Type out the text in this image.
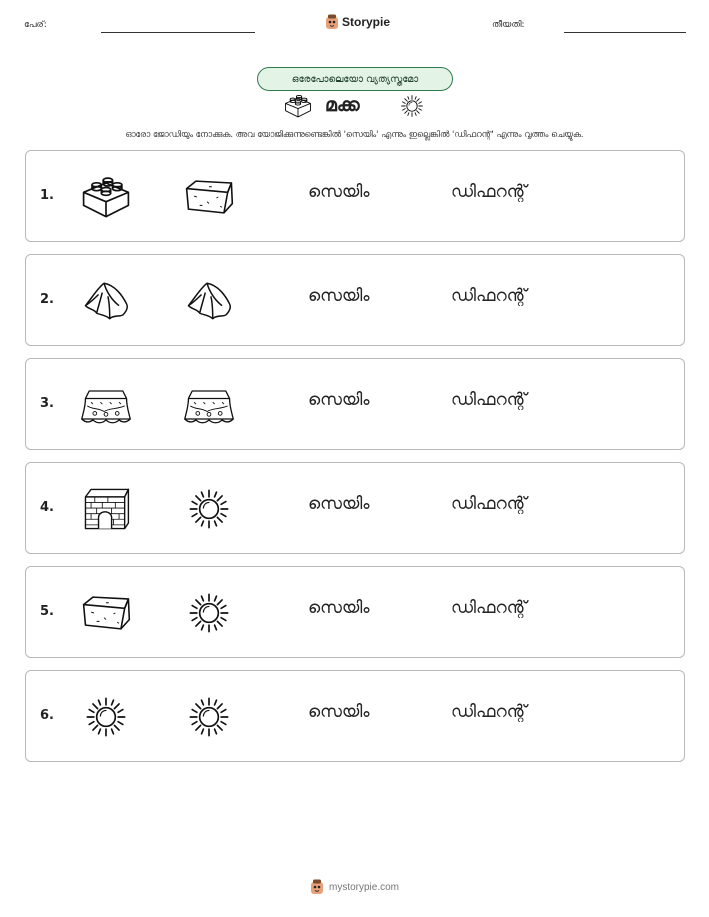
പേര്:	Storypie	തീയതി:
ഒരേപോലെയോ വ്യത്യസ്തമോ
മക്ക
ഓരോ ജോഡിയും നോക്കുക. അവ യോജിക്കുന്നുണ്ടെങ്കിൽ 'സെയിം' എന്നും ഇല്ലെങ്കിൽ 'ഡിഫറന്റ്' എന്നും വൃത്തം ചെയ്യുക.
1.	സെയിം	ഡിഫറന്റ്
2.	സെയിം	ഡിഫറന്റ്
3.	സെയിം	ഡിഫറന്റ്
4.	സെയിം	ഡിഫറന്റ്
5.	സെയിം	ഡിഫറന്റ്
6.	സെയിം	ഡിഫറന്റ്
mystorypie.com
